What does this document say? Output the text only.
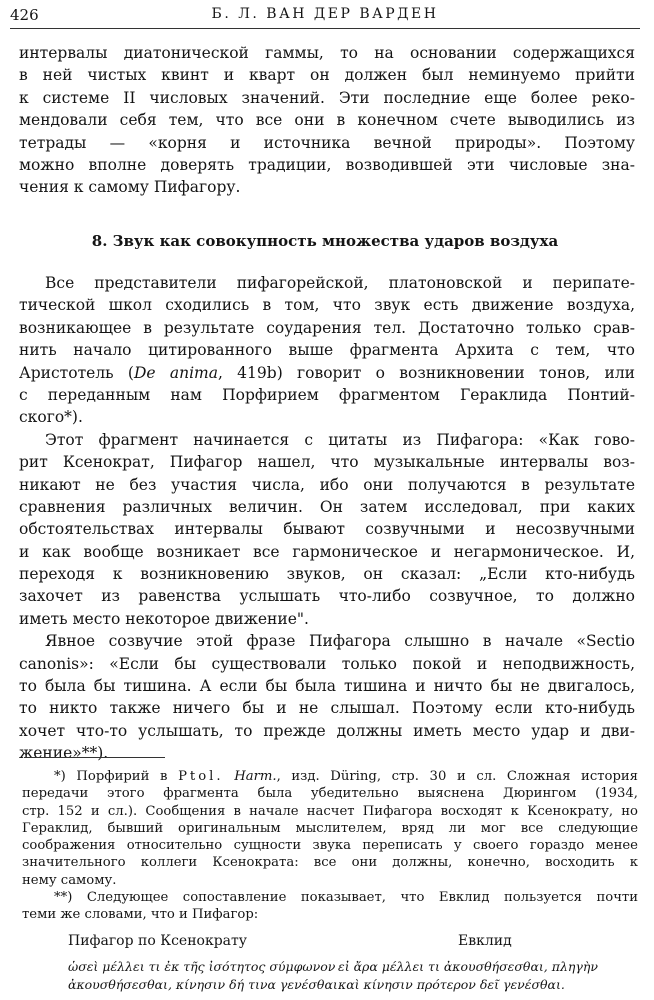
426	Б. Л. ВАН ДЕР ВАРДЕН
интервалы диатонической гаммы, то на основании содержащихся
в ней чистых квинт и кварт он должен был неминуемо прийти
к системе II числовых значений. Эти последние еще более реко-
мендовали себя тем, что все они в конечном счете выводились из
тетрады — «корня и источника вечной природы». Поэтому
можно вполне доверять традиции, возводившей эти числовые зна-
чения к самому Пифагору.
8. Звук как совокупность множества ударов воздуха
Все представители пифагорейской, платоновской и перипате-
тической школ сходились в том, что звук есть движение воздуха,
возникающее в результате соударения тел. Достаточно только срав-
нить начало цитированного выше фрагмента Архита с тем, что
Аристотель (De anima, 419b) говорит о возникновении тонов, или
с переданным нам Порфирием фрагментом Гераклида Понтий-
ского*).
Этот фрагмент начинается с цитаты из Пифагора: «Как гово-
рит Ксенократ, Пифагор нашел, что музыкальные интервалы воз-
никают не без участия числа, ибо они получаются в результате
сравнения различных величин. Он затем исследовал, при каких
обстоятельствах интервалы бывают созвучными и несозвучными
и как вообще возникает все гармоническое и негармоническое. И,
переходя к возникновению звуков, он сказал: „Если кто-нибудь
захочет из равенства услышать что-либо созвучное, то должно
иметь место некоторое движение".
Явное созвучие этой фразе Пифагора слышно в начале «Sectio
canonis»: «Если бы существовали только покой и неподвижность,
то была бы тишина. А если бы была тишина и ничто бы не двигалось,
то никто также ничего бы и не слышал. Поэтому если кто-нибудь
хочет что-то услышать, то прежде должны иметь место удар и дви-
жение»**).
*) Порфирий в Ptol. Harm., изд. Düring, стр. 30 и сл. Сложная история
передачи этого фрагмента была убедительно выяснена Дюрингом (1934,
стр. 152 и сл.). Сообщения в начале насчет Пифагора восходят к Ксенократу, но
Гераклид, бывший оригинальным мыслителем, вряд ли мог все следующие
соображения относительно сущности звука переписать у своего гораздо менее
значительного коллеги Ксенократа: все они должны, конечно, восходить к
нему самому.
**) Следующее сопоставление показывает, что Евклид пользуется почти
теми же словами, что и Пифагор:
Пифагор по Ксенократу	Евклид
ὡσεὶ μέλλει τι ἐκ τῆς ἰσότητος σύμφωνον
ἀκουσθήσεσθαι, κίνησιν δή τινα γενέσθαι
εἰ ἄρα μέλλει τι ἀκουσθήσεσθαι, πληγὴν
καὶ κίνησιν πρότερον δεῖ γενέσθαι.
